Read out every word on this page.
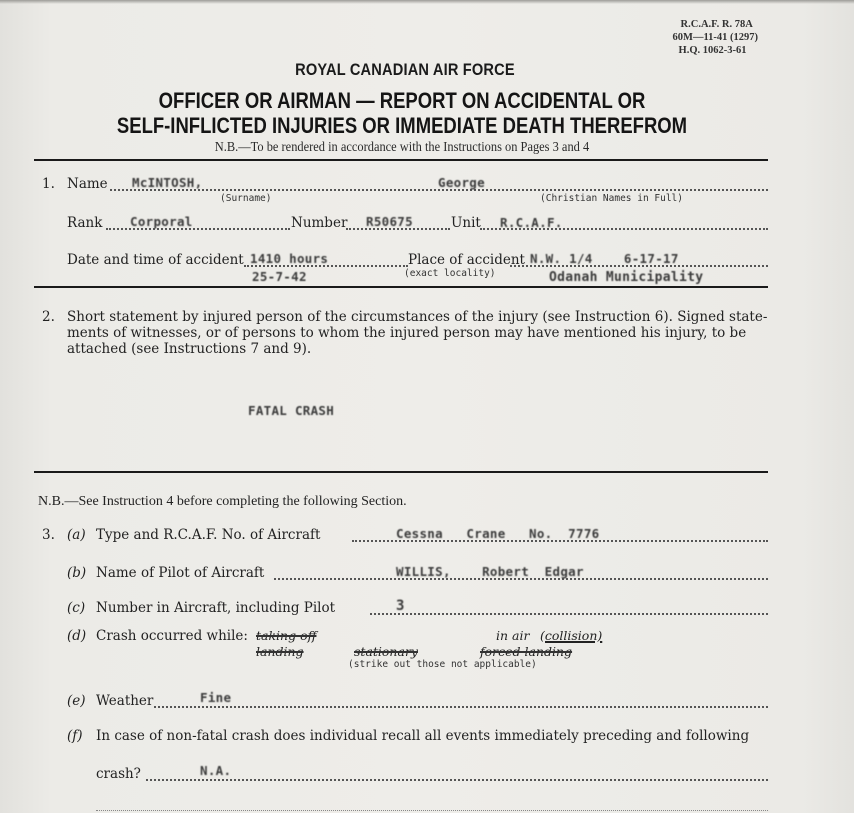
R.C.A.F. R. 78A
60M—11-41 (1297)
H.Q. 1062-3-61
ROYAL CANADIAN AIR FORCE
OFFICER OR AIRMAN — REPORT ON ACCIDENTAL OR
SELF-INFLICTED INJURIES OR IMMEDIATE DEATH THEREFROM
N.B.—To be rendered in accordance with the Instructions on Pages 3 and 4
1. Name McINTOSH,
(Surname)
George
(Christian Names in Full)
Rank Corporal	Number R50675	Unit R.C.A.F.
Date and time of accident 1410 hours
25-7-42
Place of accident
(exact locality)
N.W. 1/4    6-17-17
Odanah Municipality
2. Short statement by injured person of the circumstances of the injury (see Instruction 6). Signed state-
ments of witnesses, or of persons to whom the injured person may have mentioned his injury, to be
attached (see Instructions 7 and 9).
FATAL CRASH
N.B.—See Instruction 4 before completing the following Section.
3. (a) Type and R.C.A.F. No. of Aircraft	Cessna   Crane   No.  7776
(b) Name of Pilot of Aircraft	WILLIS,    Robert  Edgar
(c) Number in Aircraft, including Pilot	3
(d) Crash occurred while: taking off
landing	stationary
in air (collision)
forced landing
(strike out those not applicable)
(e) Weather	Fine
(f) In case of non-fatal crash does individual recall all events immediately preceding and following
crash?	N.A.
